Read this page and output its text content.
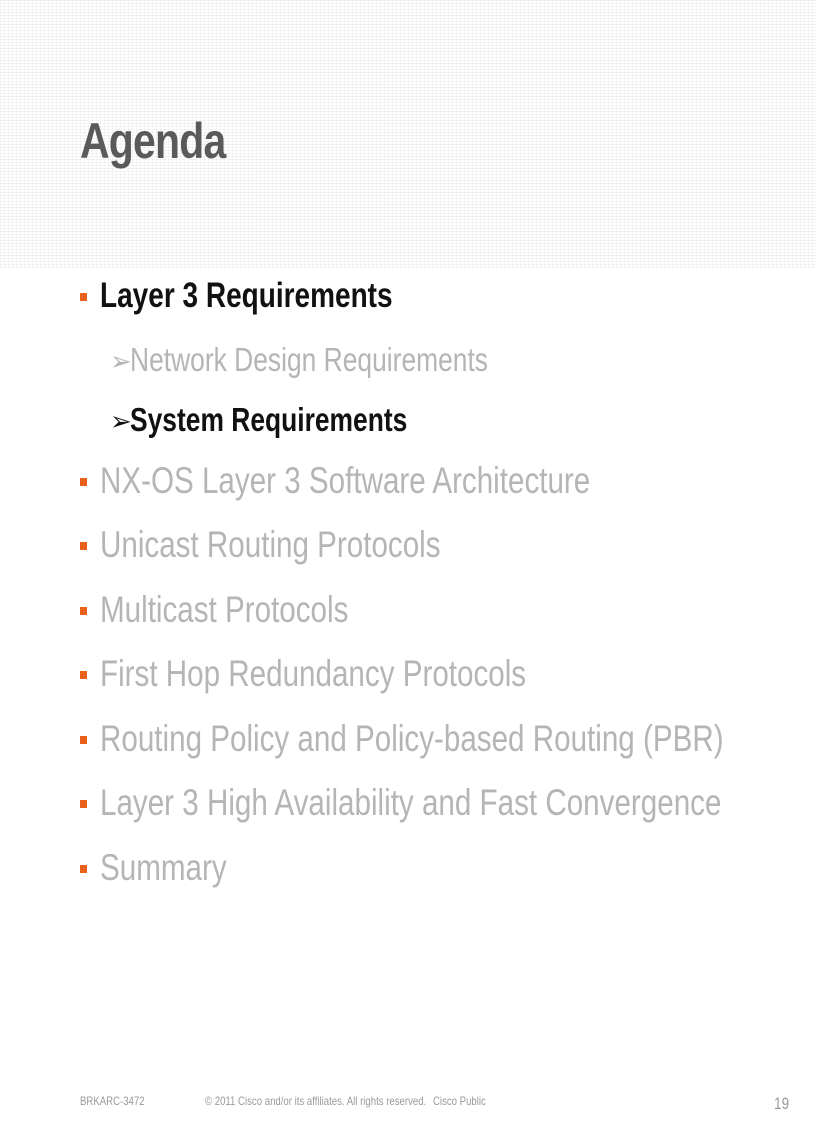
Agenda
Layer 3 Requirements
➢
Network Design Requirements
➢
System Requirements
NX-OS Layer 3 Software Architecture
Unicast Routing Protocols
Multicast Protocols
First Hop Redundancy Protocols
Routing Policy and Policy-based Routing (PBR)
Layer 3 High Availability and Fast Convergence
Summary
BRKARC-3472	© 2011 Cisco and/or its affiliates. All rights reserved. Cisco Public	19
